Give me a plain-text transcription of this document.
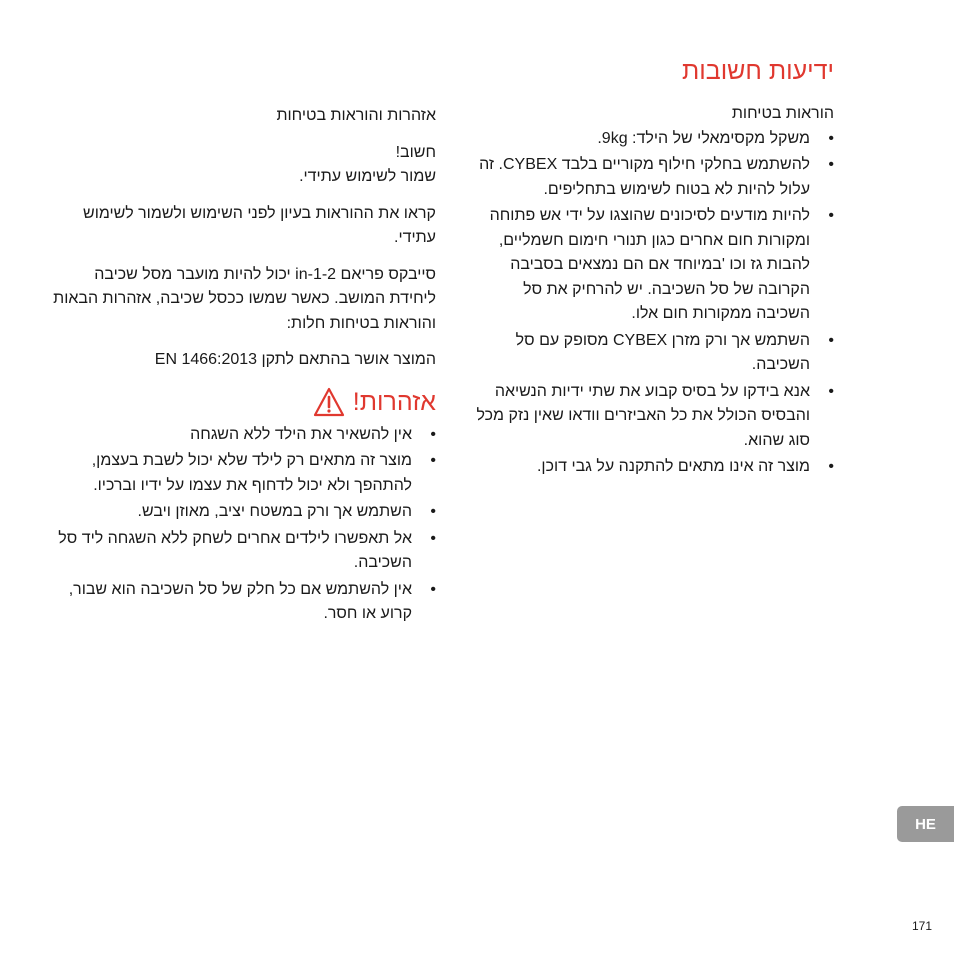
ידיעות חשובות

הוראות בטיחות

• משקל מקסימאלי של הילד: 9kg.
• להשתמש בחלקי חילוף מקוריים בלבד CYBEX. זה עלול להיות לא בטוח לשימוש בתחליפים.
• להיות מודעים לסיכונים שהוצגו על ידי אש פתוחה ומקורות חום אחרים כגון תנורי חימום חשמליים, להבות גז וכו 'במיוחד אם הם נמצאים בסביבה הקרובה של סל השכיבה. יש להרחיק את סל השכיבה ממקורות חום אלו.
• השתמש אך ורק מזרן CYBEX מסופק עם סל השכיבה.
• אנא בידקו על בסיס קבוע את שתי ידיות הנשיאה והבסיס הכולל את כל האביזרים וודאו שאין נזק מכל סוג שהוא.
• מוצר זה אינו מתאים להתקנה על גבי דוכן.

אזהרות והוראות בטיחות

חשוב!

שמור לשימוש עתידי.

קראו את ההוראות בעיון לפני השימוש ולשמור לשימוש עתידי.

סייבקס פריאם 2-in-1 יכול להיות מועבר מסל שכיבה ליחידת המושב. כאשר שמשו ככסל שכיבה, אזהרות הבאות והוראות בטיחות חלות:

המוצר אושר בהתאם לתקן EN 1466:2013

אזהרות!
• אין להשאיר את הילד ללא השגחה
• מוצר זה מתאים רק לילד שלא יכול לשבת בעצמן, להתהפך ולא יכול לדחוף את עצמו על ידיו וברכיו.
• השתמש אך ורק במשטח יציב, מאוזן ויבש.
• אל תאפשרו לילדים אחרים לשחק ללא השגחה ליד סל השכיבה.
• אין להשתמש אם כל חלק של סל השכיבה הוא שבור, קרוע או חסר.
HE
171
